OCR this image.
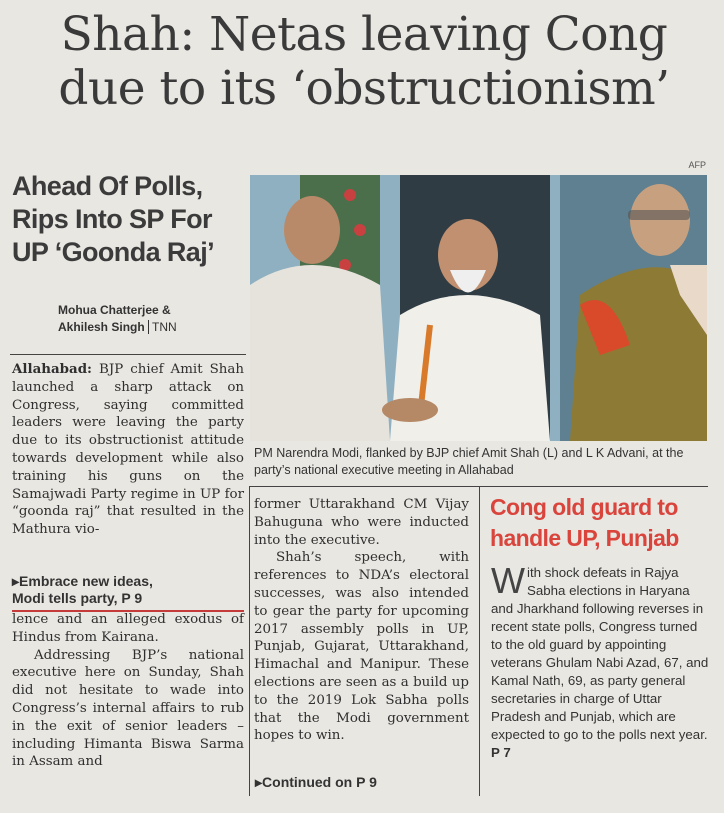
Shah: Netas leaving Cong
due to its ‘obstructionism’
AFP
Ahead Of Polls, Rips Into SP For UP ‘Goonda Raj’
Mohua Chatterjee &
Akhilesh Singh TNN
PM Narendra Modi, flanked by BJP chief Amit Shah (L) and L K Advani, at the party’s national executive meeting in Allahabad
Allahabad: BJP chief Amit Shah launched a sharp attack on Congress, saying committed leaders were leaving the party due to its obstructionist attitude towards development while also training his guns on the Samajwadi Party regime in UP for “goonda raj” that resulted in the Mathura vio-
▸Embrace new ideas,
Modi tells party, P 9
lence and an alleged exodus of Hindus from Kairana.
Addressing BJP’s national executive here on Sunday, Shah did not hesitate to wade into Congress’s internal affairs to rub in the exit of senior leaders – including Himanta Biswa Sarma in Assam and
former Uttarakhand CM Vijay Bahuguna who were inducted into the executive.
Shah’s speech, with references to NDA’s electoral successes, was also intended to gear the party for upcoming 2017 assembly polls in UP, Punjab, Gujarat, Uttarakhand, Himachal and Manipur. These elections are seen as a build up to the 2019 Lok Sabha polls that the Modi government hopes to win.
▸Continued on P 9
Cong old guard to handle UP, Punjab
With shock defeats in Rajya Sabha elections in Haryana and Jharkhand following reverses in recent state polls, Congress turned to the old guard by appointing veterans Ghulam Nabi Azad, 67, and Kamal Nath, 69, as party general secretaries in charge of Uttar Pradesh and Punjab, which are expected to go to the polls next year. P 7
